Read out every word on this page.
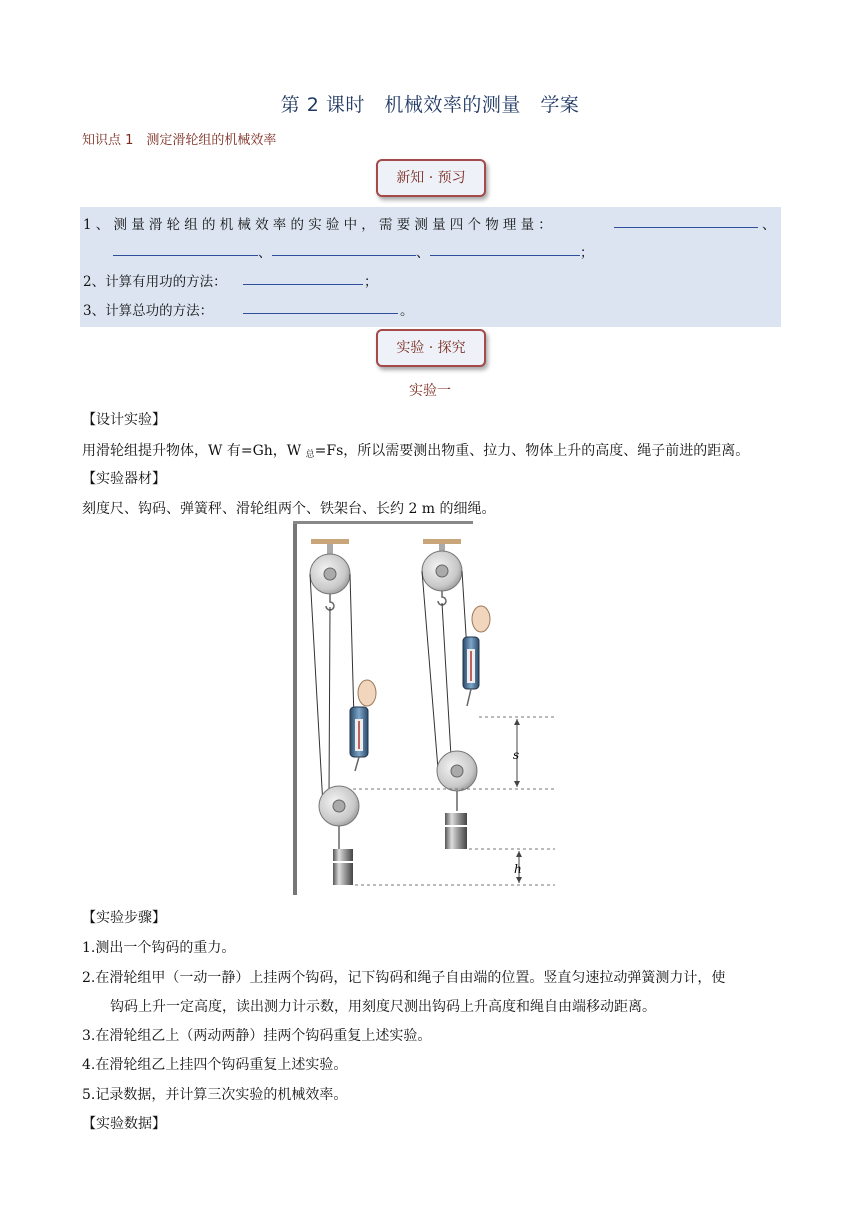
第 2 课时　机械效率的测量　学案
知识点 1　测定滑轮组的机械效率
新知 · 预习
1、测量滑轮组的机械效率的实验中，需要测量四个物理量：	、
、	、	；
2、计算有用功的方法：	；
3、计算总功的方法：	。
实验 · 探究
实验一
【设计实验】
用滑轮组提升物体，W 有=Gh，W $_总$=Fs，所以需要测出物重、拉力、物体上升的高度、绳子前进的距离。
【实验器材】
刻度尺、钩码、弹簧秤、滑轮组两个、铁架台、长约 2 m 的细绳。
s
h
【实验步骤】
1.测出一个钩码的重力。
2.在滑轮组甲（一动一静）上挂两个钩码，记下钩码和绳子自由端的位置。竖直匀速拉动弹簧测力计，使
钩码上升一定高度，读出测力计示数，用刻度尺测出钩码上升高度和绳自由端移动距离。
3.在滑轮组乙上（两动两静）挂两个钩码重复上述实验。
4.在滑轮组乙上挂四个钩码重复上述实验。
5.记录数据，并计算三次实验的机械效率。
【实验数据】
